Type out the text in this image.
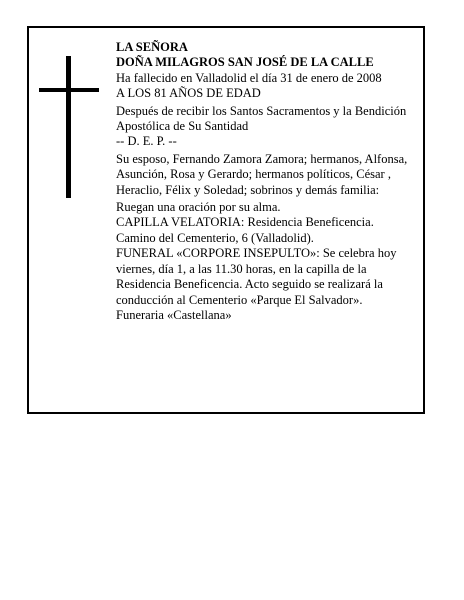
LA SEÑORA

DOÑA MILAGROS SAN JOSÉ DE LA CALLE

Ha fallecido en Valladolid el día 31 de enero de 2008

A LOS 81 AÑOS DE EDAD

Después de recibir los Santos Sacramentos y la Bendición Apostólica de Su Santidad

-- D. E. P. --

Su esposo, Fernando Zamora Zamora; hermanos, Alfonsa, Asunción, Rosa y Gerardo; hermanos políticos, César , Heraclio, Félix y Soledad; sobrinos y demás familia:

Ruegan una oración por su alma.

CAPILLA VELATORIA: Residencia Beneficencia.

Camino del Cementerio, 6 (Valladolid).

FUNERAL «CORPORE INSEPULTO»: Se celebra hoy viernes, día 1, a las 11.30 horas, en la capilla de la Residencia Beneficencia. Acto seguido se realizará la conducción al Cementerio «Parque El Salvador».

Funeraria «Castellana»
